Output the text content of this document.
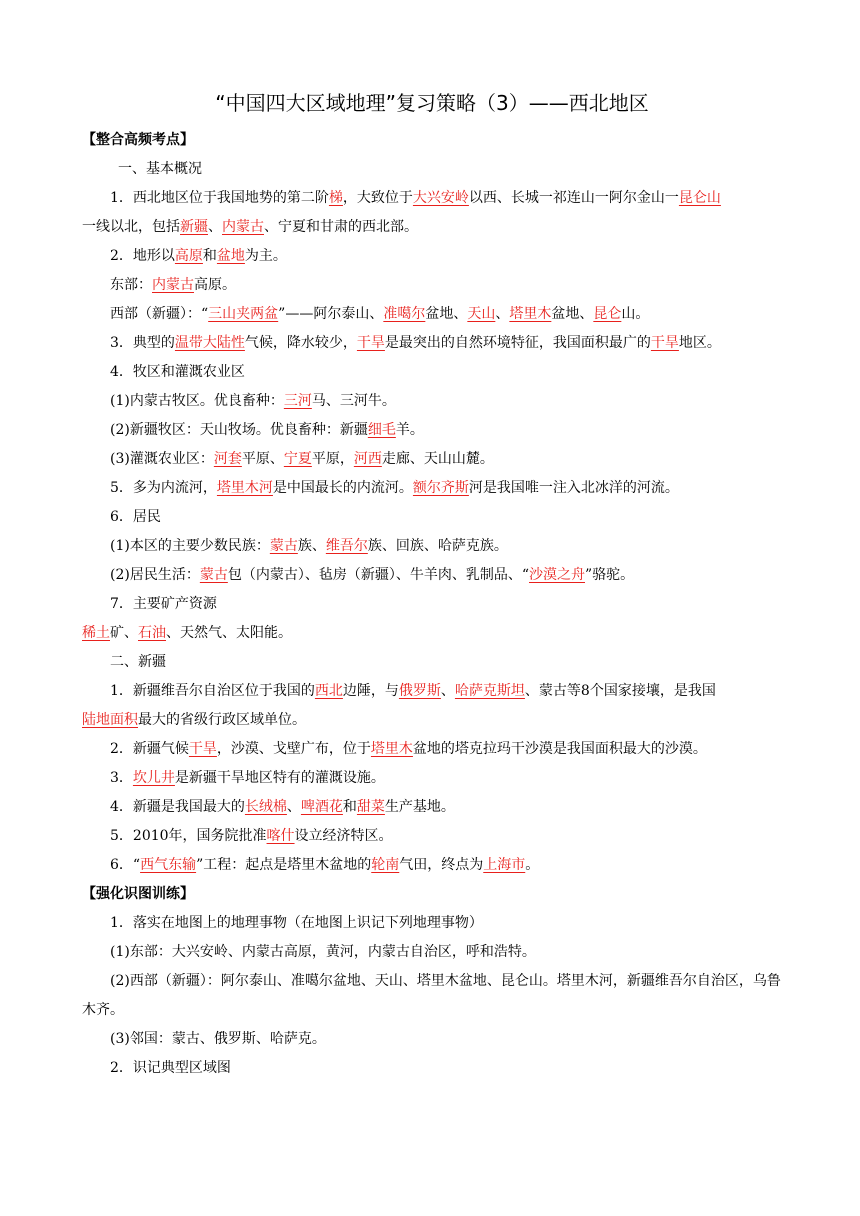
“中国四大区域地理”复习策略（3）——西北地区
【整合高频考点】
一、基本概况
1．西北地区位于我国地势的第二阶梯，大致位于大兴安岭以西、长城一祁连山一阿尔金山一昆仑山
一线以北，包括新疆、内蒙古、宁夏和甘肃的西北部。
2．地形以高原和盆地为主。
东部：内蒙古高原。
西部（新疆）：“三山夹两盆”——阿尔泰山、准噶尔盆地、天山、塔里木盆地、昆仑山。
3．典型的温带大陆性气候，降水较少，干旱是最突出的自然环境特征，我国面积最广的干旱地区。
4．牧区和灌溉农业区
(1)内蒙古牧区。优良畜种：三河马、三河牛。
(2)新疆牧区：天山牧场。优良畜种：新疆细毛羊。
(3)灌溉农业区：河套平原、宁夏平原，河西走廊、天山山麓。
5．多为内流河，塔里木河是中国最长的内流河。额尔齐斯河是我国唯一注入北冰洋的河流。
6．居民
(1)本区的主要少数民族：蒙古族、维吾尔族、回族、哈萨克族。
(2)居民生活：蒙古包（内蒙古）、毡房（新疆）、牛羊肉、乳制品、“沙漠之舟”骆驼。
7．主要矿产资源
稀土矿、石油、天然气、太阳能。
二、新疆
1．新疆维吾尔自治区位于我国的西北边陲，与俄罗斯、哈萨克斯坦、蒙古等8个国家接壤，是我国
陆地面积最大的省级行政区域单位。
2．新疆气候干旱，沙漠、戈壁广布，位于塔里木盆地的塔克拉玛干沙漠是我国面积最大的沙漠。
3．坎儿井是新疆干旱地区特有的灌溉设施。
4．新疆是我国最大的长绒棉、啤酒花和甜菜生产基地。
5．2010年，国务院批准喀什设立经济特区。
6．“西气东输”工程：起点是塔里木盆地的轮南气田，终点为上海市。
【强化识图训练】
1．落实在地图上的地理事物（在地图上识记下列地理事物）
(1)东部：大兴安岭、内蒙古高原，黄河，内蒙古自治区，呼和浩特。
(2)西部（新疆）：阿尔泰山、准噶尔盆地、天山、塔里木盆地、昆仑山。塔里木河，新疆维吾尔自治区，乌鲁木齐。
(3)邻国：蒙古、俄罗斯、哈萨克。
2．识记典型区域图
